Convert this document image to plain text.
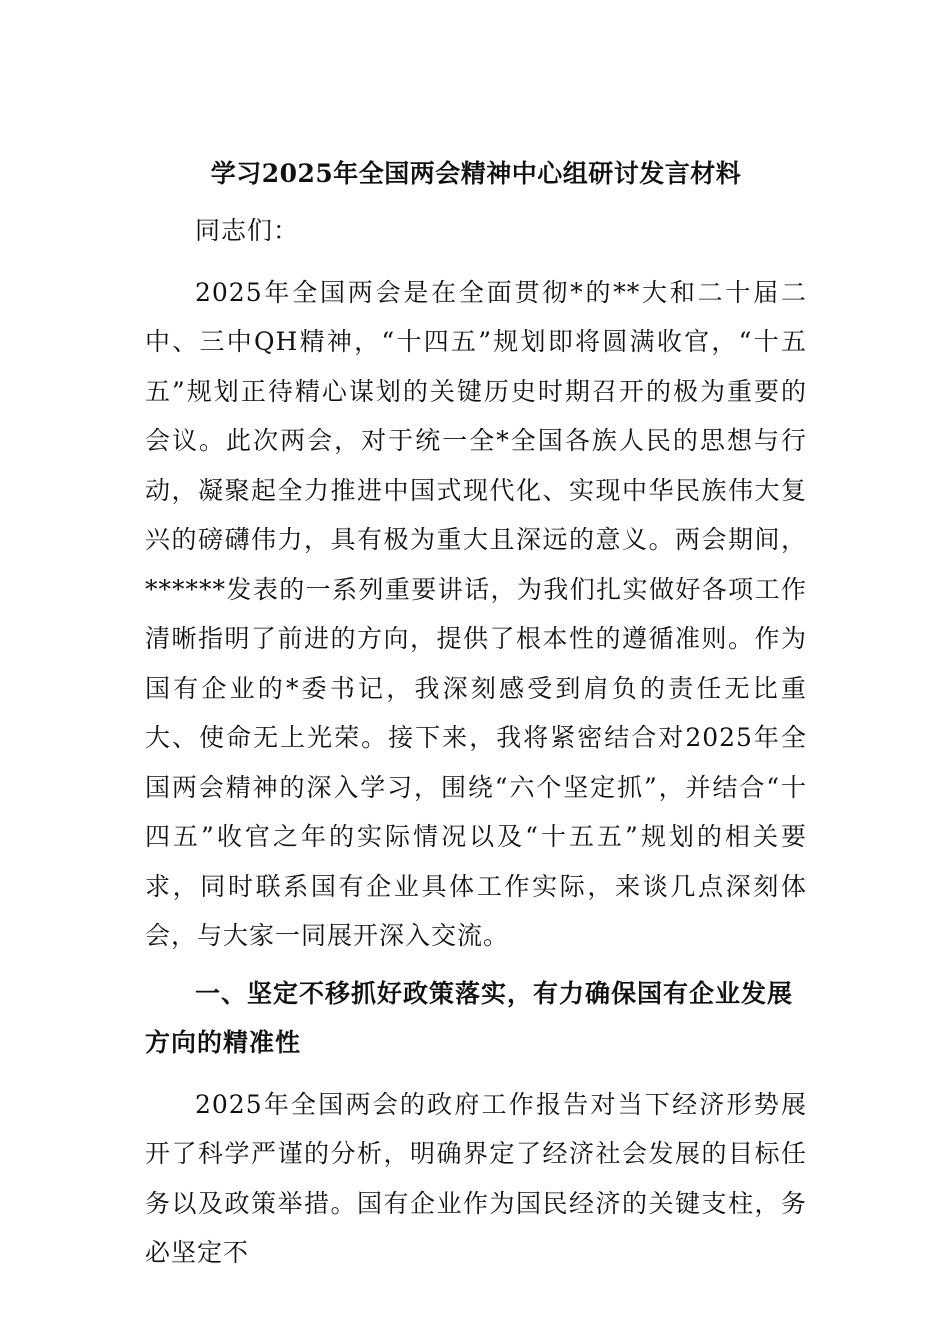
学习2025年全国两会精神中心组研讨发言材料

同志们：

2025年全国两会是在全面贯彻*的**大和二十届二中、三中QH精神，“十四五”规划即将圆满收官，“十五五”规划正待精心谋划的关键历史时期召开的极为重要的会议。此次两会，对于统一全*全国各族人民的思想与行动，凝聚起全力推进中国式现代化、实现中华民族伟大复兴的磅礴伟力，具有极为重大且深远的意义。两会期间，******发表的一系列重要讲话，为我们扎实做好各项工作清晰指明了前进的方向，提供了根本性的遵循准则。作为国有企业的*委书记，我深刻感受到肩负的责任无比重大、使命无上光荣。接下来，我将紧密结合对2025年全国两会精神的深入学习，围绕“六个坚定抓”，并结合“十四五”收官之年的实际情况以及“十五五”规划的相关要求，同时联系国有企业具体工作实际，来谈几点深刻体会，与大家一同展开深入交流。

一、坚定不移抓好政策落实，有力确保国有企业发展方向的精准性

2025年全国两会的政府工作报告对当下经济形势展开了科学严谨的分析，明确界定了经济社会发展的目标任务以及政策举措。国有企业作为国民经济的关键支柱，务必坚定不
